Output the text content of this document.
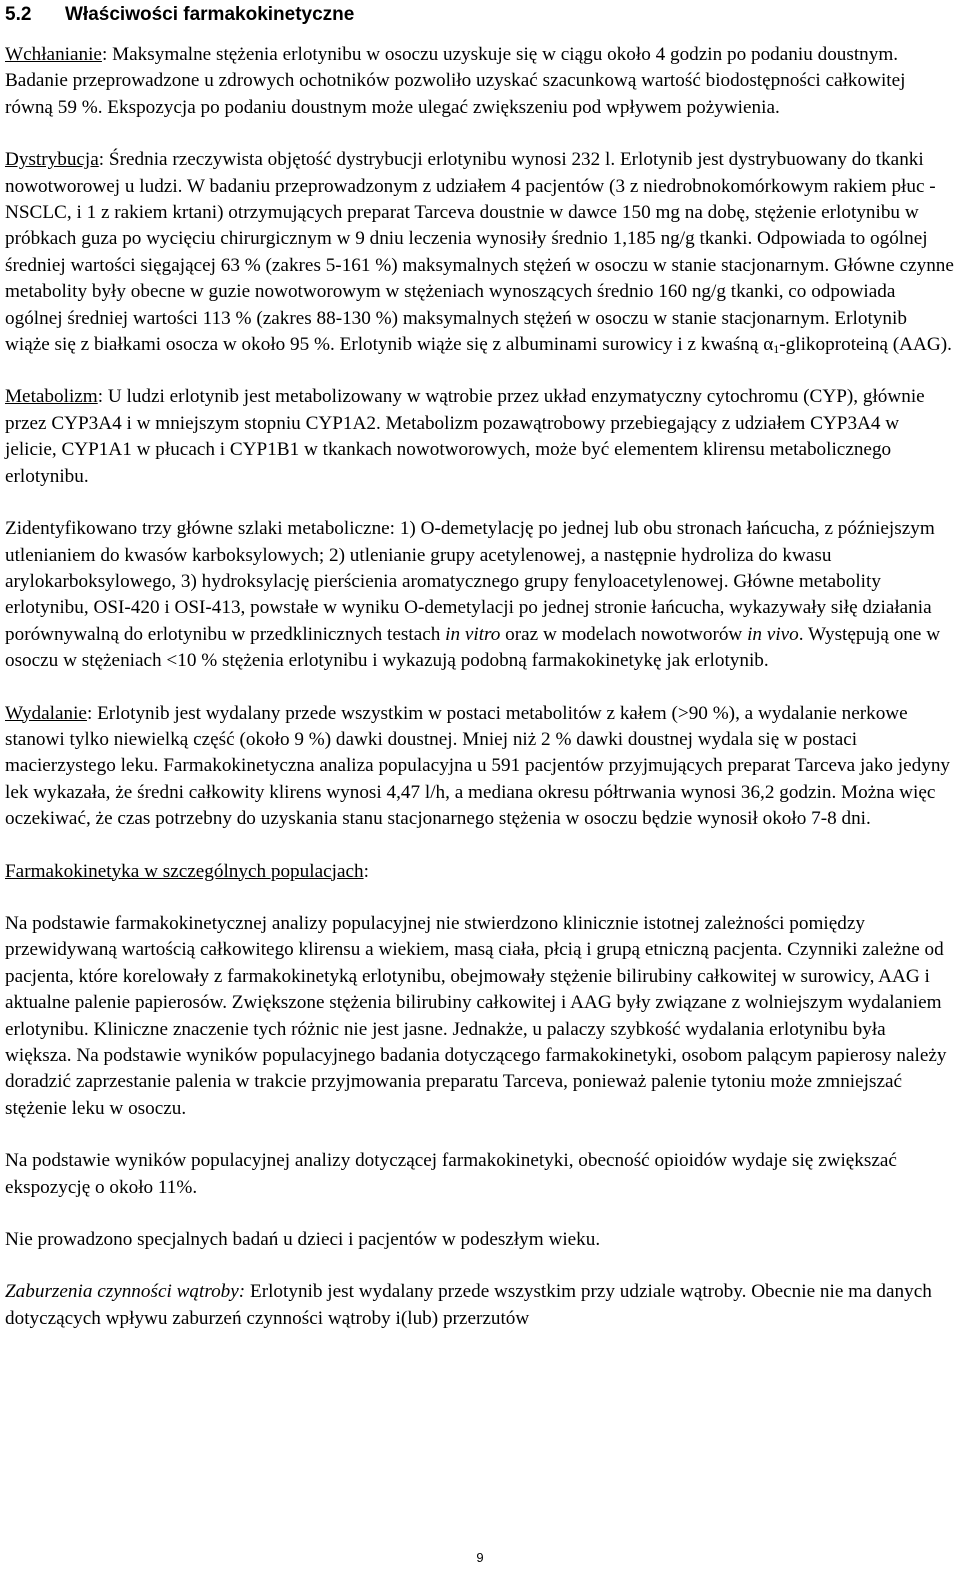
5.2 Właściwości farmakokinetyczne

Wchłanianie: Maksymalne stężenia erlotynibu w osoczu uzyskuje się w ciągu około 4 godzin po podaniu doustnym. Badanie przeprowadzone u zdrowych ochotników pozwoliło uzyskać szacunkową wartość biodostępności całkowitej równą 59 %. Ekspozycja po podaniu doustnym może ulegać zwiększeniu pod wpływem pożywienia.

Dystrybucja: Średnia rzeczywista objętość dystrybucji erlotynibu wynosi 232 l. Erlotynib jest dystrybuowany do tkanki nowotworowej u ludzi. W badaniu przeprowadzonym z udziałem 4 pacjentów (3 z niedrobnokomórkowym rakiem płuc - NSCLC, i 1 z rakiem krtani) otrzymujących preparat Tarceva doustnie w dawce 150 mg na dobę, stężenie erlotynibu w próbkach guza po wycięciu chirurgicznym w 9 dniu leczenia wynosiły średnio 1,185 ng/g tkanki. Odpowiada to ogólnej średniej wartości sięgającej 63 % (zakres 5-161 %) maksymalnych stężeń w osoczu w stanie stacjonarnym. Główne czynne metabolity były obecne w guzie nowotworowym w stężeniach wynoszących średnio 160 ng/g tkanki, co odpowiada ogólnej średniej wartości 113 % (zakres 88-130 %) maksymalnych stężeń w osoczu w stanie stacjonarnym. Erlotynib wiąże się z białkami osocza w około 95 %. Erlotynib wiąże się z albuminami surowicy i z kwaśną $\alpha_1$-glikoproteiną (AAG).

Metabolizm: U ludzi erlotynib jest metabolizowany w wątrobie przez układ enzymatyczny cytochromu (CYP), głównie przez CYP3A4 i w mniejszym stopniu CYP1A2. Metabolizm pozawątrobowy przebiegający z udziałem CYP3A4 w jelicie, CYP1A1 w płucach i CYP1B1 w tkankach nowotworowych, może być elementem klirensu metabolicznego erlotynibu.

Zidentyfikowano trzy główne szlaki metaboliczne: 1) O-demetylację po jednej lub obu stronach łańcucha, z późniejszym utlenianiem do kwasów karboksylowych; 2) utlenianie grupy acetylenowej, a następnie hydroliza do kwasu arylokarboksylowego, 3) hydroksylację pierścienia aromatycznego grupy fenyloacetylenowej. Główne metabolity erlotynibu, OSI-420 i OSI-413, powstałe w wyniku O-demetylacji po jednej stronie łańcucha, wykazywały siłę działania porównywalną do erlotynibu w przedklinicznych testach in vitro oraz w modelach nowotworów in vivo. Występują one w osoczu w stężeniach <10 % stężenia erlotynibu i wykazują podobną farmakokinetykę jak erlotynib.

Wydalanie: Erlotynib jest wydalany przede wszystkim w postaci metabolitów z kałem (>90 %), a wydalanie nerkowe stanowi tylko niewielką część (około 9 %) dawki doustnej. Mniej niż 2 % dawki doustnej wydala się w postaci macierzystego leku. Farmakokinetyczna analiza populacyjna u 591 pacjentów przyjmujących preparat Tarceva jako jedyny lek wykazała, że średni całkowity klirens wynosi 4,47 l/h, a mediana okresu półtrwania wynosi 36,2 godzin. Można więc oczekiwać, że czas potrzebny do uzyskania stanu stacjonarnego stężenia w osoczu będzie wynosił około 7-8 dni.

Farmakokinetyka w szczególnych populacjach:

Na podstawie farmakokinetycznej analizy populacyjnej nie stwierdzono klinicznie istotnej zależności pomiędzy przewidywaną wartością całkowitego klirensu a wiekiem, masą ciała, płcią i grupą etniczną pacjenta. Czynniki zależne od pacjenta, które korelowały z farmakokinetyką erlotynibu, obejmowały stężenie bilirubiny całkowitej w surowicy, AAG i aktualne palenie papierosów. Zwiększone stężenia bilirubiny całkowitej i AAG były związane z wolniejszym wydalaniem erlotynibu. Kliniczne znaczenie tych różnic nie jest jasne. Jednakże, u palaczy szybkość wydalania erlotynibu była większa. Na podstawie wyników populacyjnego badania dotyczącego farmakokinetyki, osobom palącym papierosy należy doradzić zaprzestanie palenia w trakcie przyjmowania preparatu Tarceva, ponieważ palenie tytoniu może zmniejszać stężenie leku w osoczu.

Na podstawie wyników populacyjnej analizy dotyczącej farmakokinetyki, obecność opioidów wydaje się zwiększać ekspozycję o około 11%.

Nie prowadzono specjalnych badań u dzieci i pacjentów w podeszłym wieku.

Zaburzenia czynności wątroby: Erlotynib jest wydalany przede wszystkim przy udziale wątroby. Obecnie nie ma danych dotyczących wpływu zaburzeń czynności wątroby i(lub) przerzutów

9
